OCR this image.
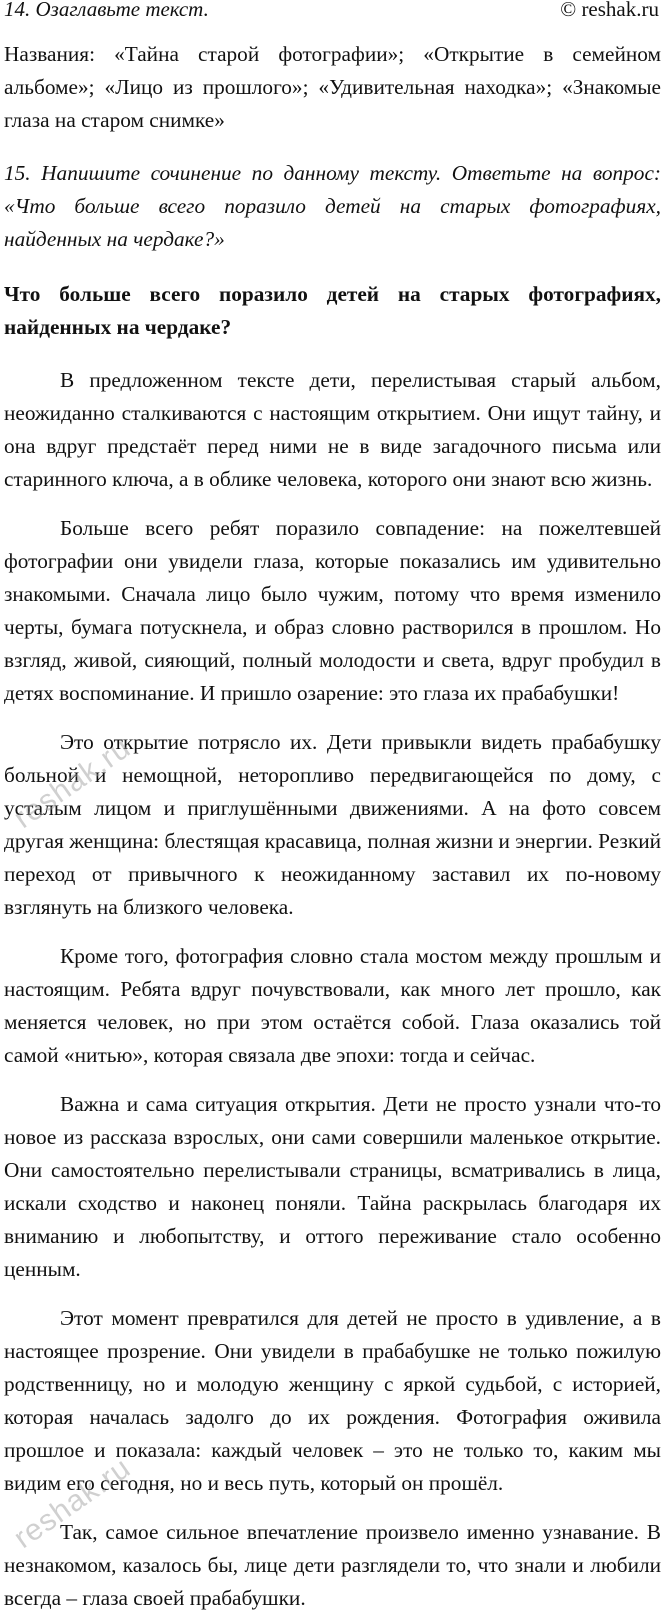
14. Озаглавьте текст.	© reshak.ru

Названия: «Тайна старой фотографии»; «Открытие в семейном альбоме»; «Лицо из прошлого»; «Удивительная находка»; «Знакомые глаза на старом снимке»

15. Напишите сочинение по данному тексту. Ответьте на вопрос: «Что больше всего поразило детей на старых фотографиях, найденных на чердаке?»

Что больше всего поразило детей на старых фотографиях, найденных на чердаке?

В предложенном тексте дети, перелистывая старый альбом, неожиданно сталкиваются с настоящим открытием. Они ищут тайну, и она вдруг предстаёт перед ними не в виде загадочного письма или старинного ключа, а в облике человека, которого они знают всю жизнь.

Больше всего ребят поразило совпадение: на пожелтевшей фотографии они увидели глаза, которые показались им удивительно знакомыми. Сначала лицо было чужим, потому что время изменило черты, бумага потускнела, и образ словно растворился в прошлом. Но взгляд, живой, сияющий, полный молодости и света, вдруг пробудил в детях воспоминание. И пришло озарение: это глаза их прабабушки!

Это открытие потрясло их. Дети привыкли видеть прабабушку больной и немощной, неторопливо передвигающейся по дому, с усталым лицом и приглушёнными движениями. А на фото совсем другая женщина: блестящая красавица, полная жизни и энергии. Резкий переход от привычного к неожиданному заставил их по-новому взглянуть на близкого человека.

Кроме того, фотография словно стала мостом между прошлым и настоящим. Ребята вдруг почувствовали, как много лет прошло, как меняется человек, но при этом остаётся собой. Глаза оказались той самой «нитью», которая связала две эпохи: тогда и сейчас.

Важна и сама ситуация открытия. Дети не просто узнали что-то новое из рассказа взрослых, они сами совершили маленькое открытие. Они самостоятельно перелистывали страницы, всматривались в лица, искали сходство и наконец поняли. Тайна раскрылась благодаря их вниманию и любопытству, и оттого переживание стало особенно ценным.

Этот момент превратился для детей не просто в удивление, а в настоящее прозрение. Они увидели в прабабушке не только пожилую родственницу, но и молодую женщину с яркой судьбой, с историей, которая началась задолго до их рождения. Фотография оживила прошлое и показала: каждый человек – это не только то, каким мы видим его сегодня, но и весь путь, который он прошёл.

Так, самое сильное впечатление произвело именно узнавание. В незнакомом, казалось бы, лице дети разглядели то, что знали и любили всегда – глаза своей прабабушки.

reshak.ru
reshak.ru
